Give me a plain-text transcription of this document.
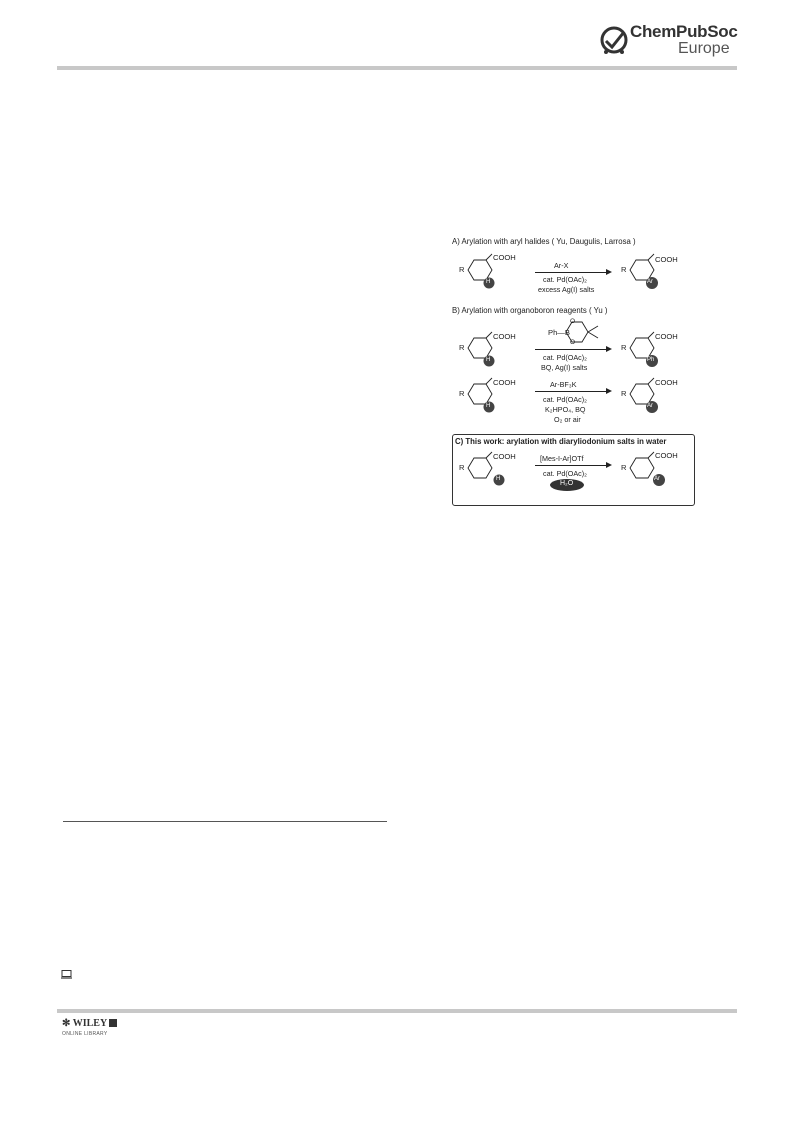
ChemPubSoc
Europe
A) Arylation with aryl halides ( Yu, Daugulis, Larrosa )
R
COOH
H
Ar-X
cat. Pd(OAc)₂
excess Ag(I) salts
R
COOH
Ar
B) Arylation with organoboron reagents ( Yu )
R
COOH
H
Ph—B
O
O
cat. Pd(OAc)₂
BQ, Ag(I) salts
R
COOH
Ph
R
COOH
H
Ar-BF₃K
cat. Pd(OAc)₂
K₂HPO₄, BQ
O₂ or air
R
COOH
Ar
C) This work: arylation with diaryliodonium salts in water
R
COOH
H
[Mes-I-Ar]OTf
cat. Pd(OAc)₂
H₂O
R
COOH
Ar
✻ WILEY
ONLINE LIBRARY
